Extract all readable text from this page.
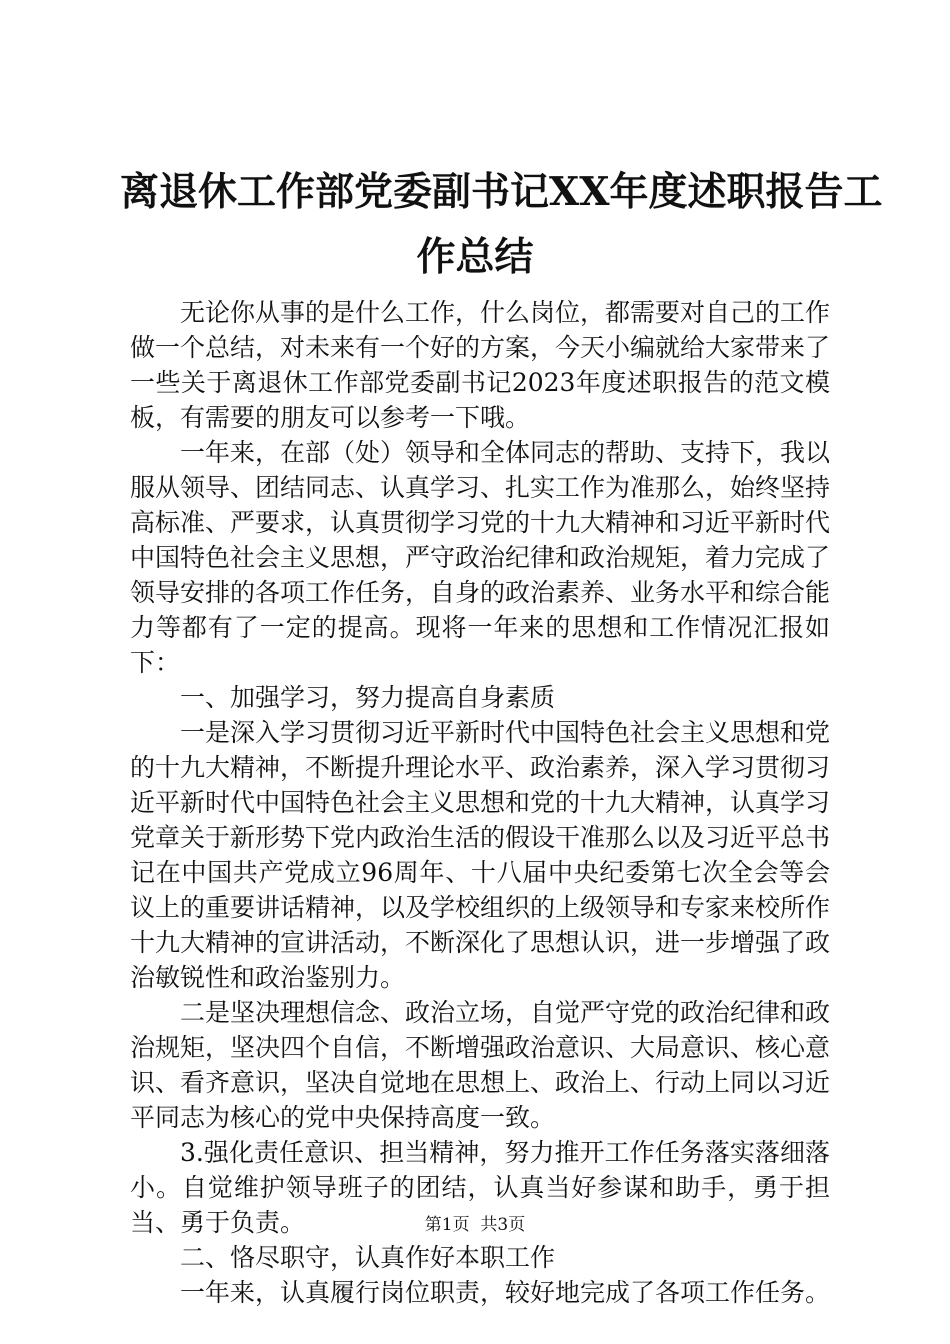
离退休工作部党委副书记XX年度述职报告工
作总结

无论你从事的是什么工作，什么岗位，都需要对自己的工作做一个总结，对未来有一个好的方案，今天小编就给大家带来了一些关于离退休工作部党委副书记2023年度述职报告的范文模板，有需要的朋友可以参考一下哦。

一年来，在部（处）领导和全体同志的帮助、支持下，我以服从领导、团结同志、认真学习、扎实工作为准那么，始终坚持高标准、严要求，认真贯彻学习党的十九大精神和习近平新时代中国特色社会主义思想，严守政治纪律和政治规矩，着力完成了领导安排的各项工作任务，自身的政治素养、业务水平和综合能力等都有了一定的提高。现将一年来的思想和工作情况汇报如下：

一、加强学习，努力提高自身素质

一是深入学习贯彻习近平新时代中国特色社会主义思想和党的十九大精神，不断提升理论水平、政治素养，深入学习贯彻习近平新时代中国特色社会主义思想和党的十九大精神，认真学习党章关于新形势下党内政治生活的假设干准那么以及习近平总书记在中国共产党成立96周年、十八届中央纪委第七次全会等会议上的重要讲话精神，以及学校组织的上级领导和专家来校所作十九大精神的宣讲活动，不断深化了思想认识，进一步增强了政治敏锐性和政治鉴别力。

二是坚决理想信念、政治立场，自觉严守党的政治纪律和政治规矩，坚决四个自信，不断增强政治意识、大局意识、核心意识、看齐意识，坚决自觉地在思想上、政治上、行动上同以习近平同志为核心的党中央保持高度一致。

3.强化责任意识、担当精神，努力推开工作任务落实落细落小。自觉维护领导班子的团结，认真当好参谋和助手，勇于担当、勇于负责。

二、恪尽职守，认真作好本职工作

一年来，认真履行岗位职责，较好地完成了各项工作任务。

第1页 共3页
